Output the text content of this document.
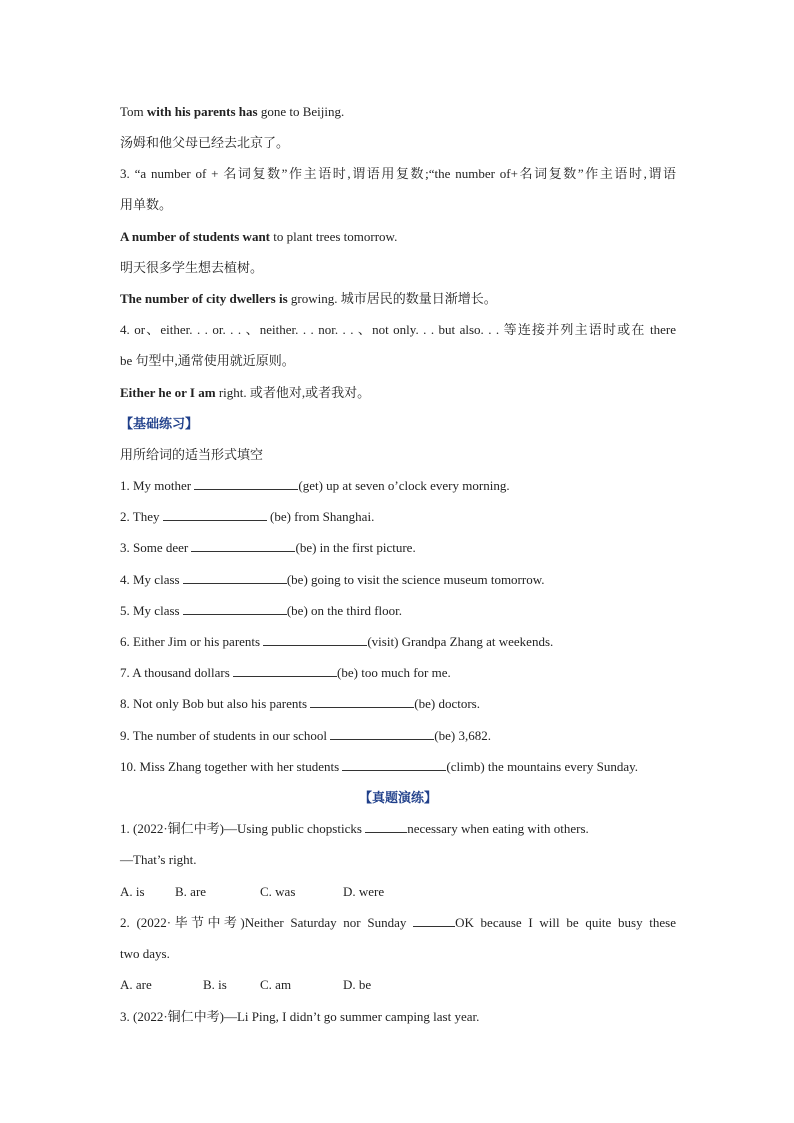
Tom with his parents has gone to Beijing.
汤姆和他父母已经去北京了。
3. “a number of + 名词复数”作主语时,谓语用复数;“the number of+名词复数”作主语时,谓语
用单数。
A number of students want to plant trees tomorrow.
明天很多学生想去植树。
The number of city dwellers is growing. 城市居民的数量日渐增长。
4. or、either. . . or. . . 、neither. . . nor. . . 、not only. . . but also. . . 等连接并列主语时或在 there
be 句型中,通常使用就近原则。
Either he or I am right. 或者他对,或者我对。
【基础练习】
用所给词的适当形式填空
1. My mother	(get) up at seven o’clock every morning.
2. They	(be) from Shanghai.
3. Some deer	(be) in the first picture.
4. My class	(be) going to visit the science museum tomorrow.
5. My class	(be) on the third floor.
6. Either Jim or his parents	(visit) Grandpa Zhang at weekends.
7. A thousand dollars	(be) too much for me.
8. Not only Bob but also his parents	(be) doctors.
9. The number of students in our school	(be) 3,682.
10. Miss Zhang together with her students	(climb) the mountains every Sunday.
【真题演练】
1. (2022·铜仁中考)—Using public chopsticks	necessary when eating with others.
—That’s right.
A. is B. are	C. was	D. were
2. (2022·毕节中考)Neither Saturday nor Sunday	OK because I will be quite busy these
two days.
A. are	B. is	C. am	D. be
3. (2022·铜仁中考)—Li Ping, I didn’t go summer camping last year.
